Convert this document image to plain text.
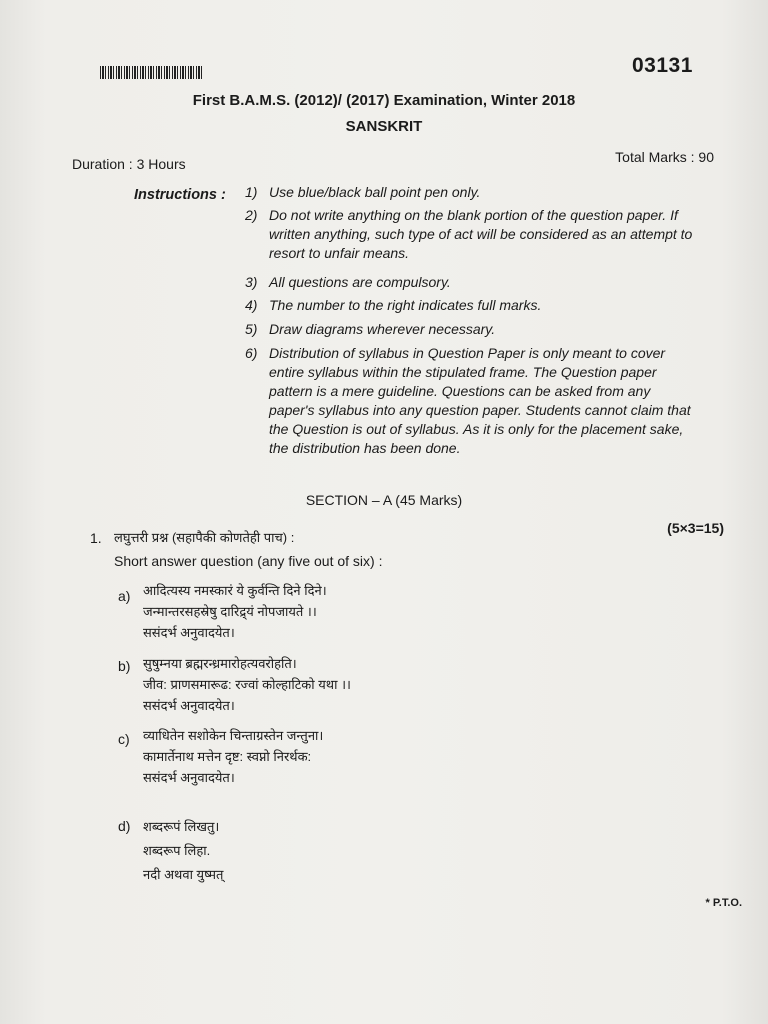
03131
First B.A.M.S. (2012)/ (2017) Examination, Winter 2018
SANSKRIT
Duration : 3 Hours	Total Marks : 90
Instructions : 1) Use blue/black ball point pen only.
2) Do not write anything on the blank portion of the question paper. If written anything, such type of act will be considered as an attempt to resort to unfair means.
3) All questions are compulsory.
4) The number to the right indicates full marks.
5) Draw diagrams wherever necessary.
6) Distribution of syllabus in Question Paper is only meant to cover entire syllabus within the stipulated frame. The Question paper pattern is a mere guideline. Questions can be asked from any paper's syllabus into any question paper. Students cannot claim that the Question is out of syllabus. As it is only for the placement sake, the distribution has been done.
SECTION – A (45 Marks)
1. लघुत्तरी प्रश्न (सहापैकी कोणतेही पाच) :
(5×3=15)
Short answer question (any five out of six) :
a) आदित्यस्य नमस्कारं ये कुर्वन्ति दिने दिने।
जन्मान्तरसहस्रेषु दारिद्र्यं नोपजायते ।।
ससंदर्भ अनुवादयेत।
b) सुषुम्नया ब्रह्मरन्ध्रमारोहत्यवरोहति।
जीव: प्राणसमारूढ: रज्वां कोल्हाटिको यथा ।।
ससंदर्भ अनुवादयेत।
c) व्याधितेन सशोकेन चिन्ताग्रस्तेन जन्तुना।
कामार्तेनाथ मत्तेन दृष्ट: स्वप्नो निरर्थक:
ससंदर्भ अनुवादयेत।
d) शब्दरूपं लिखतु।
शब्दरूप लिहा.
नदी अथवा युष्मत्
* P.T.O.
